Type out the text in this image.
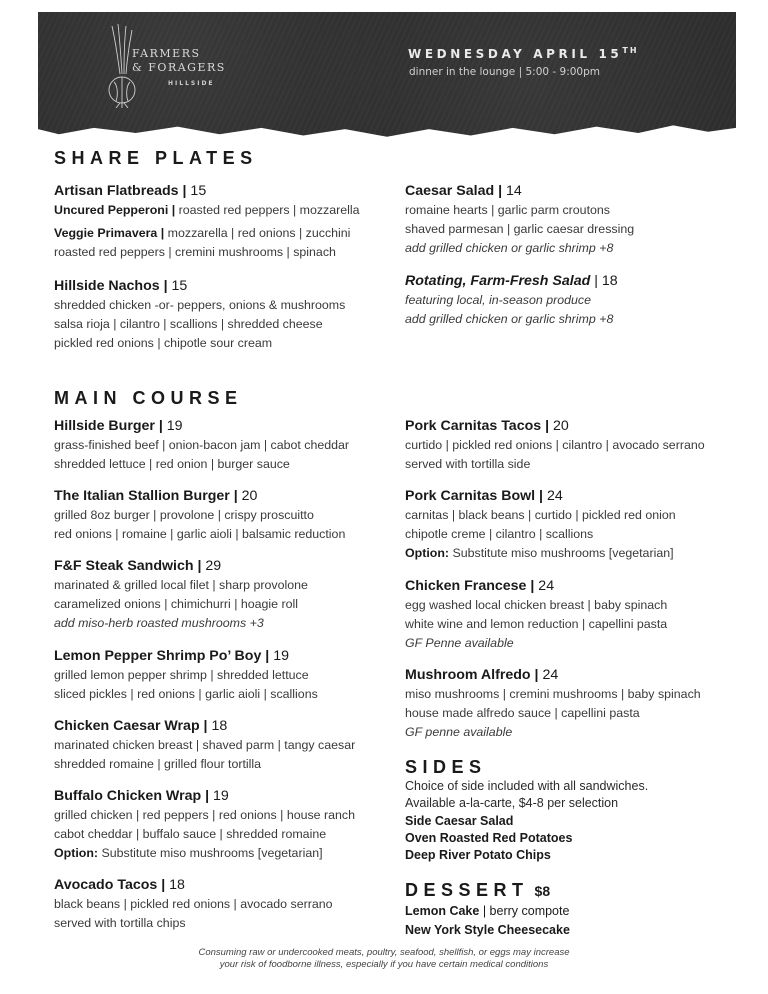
FARMERS
& FORAGERS
HILLSIDE
WEDNESDAY APRIL 15TH
dinner in the lounge | 5:00 - 9:00pm
SHARE PLATES
Artisan Flatbreads | 15
Uncured Pepperoni | roasted red peppers | mozzarella
Veggie Primavera | mozzarella | red onions | zucchini
roasted red peppers | cremini mushrooms | spinach
Hillside Nachos | 15
shredded chicken -or- peppers, onions & mushrooms
salsa rioja | cilantro | scallions | shredded cheese
pickled red onions | chipotle sour cream
Caesar Salad | 14
romaine hearts | garlic parm croutons
shaved parmesan | garlic caesar dressing
add grilled chicken or garlic shrimp +8
Rotating, Farm-Fresh Salad | 18
featuring local, in-season produce
add grilled chicken or garlic shrimp +8
MAIN COURSE
Hillside Burger | 19
grass-finished beef | onion-bacon jam | cabot cheddar
shredded lettuce | red onion | burger sauce
The Italian Stallion Burger | 20
grilled 8oz burger | provolone | crispy proscuitto
red onions | romaine | garlic aioli | balsamic reduction
F&F Steak Sandwich | 29
marinated & grilled local filet | sharp provolone
caramelized onions | chimichurri | hoagie roll
add miso-herb roasted mushrooms +3
Lemon Pepper Shrimp Po’ Boy | 19
grilled lemon pepper shrimp | shredded lettuce
sliced pickles | red onions | garlic aioli | scallions
Chicken Caesar Wrap | 18
marinated chicken breast | shaved parm | tangy caesar
shredded romaine | grilled flour tortilla
Buffalo Chicken Wrap | 19
grilled chicken | red peppers | red onions | house ranch
cabot cheddar | buffalo sauce | shredded romaine
Option: Substitute miso mushrooms [vegetarian]
Avocado Tacos | 18
black beans | pickled red onions | avocado serrano
served with tortilla chips
Pork Carnitas Tacos | 20
curtido | pickled red onions | cilantro | avocado serrano
served with tortilla side
Pork Carnitas Bowl | 24
carnitas | black beans | curtido | pickled red onion
chipotle creme | cilantro | scallions
Option: Substitute miso mushrooms [vegetarian]
Chicken Francese | 24
egg washed local chicken breast | baby spinach
white wine and lemon reduction | capellini pasta
GF Penne available
Mushroom Alfredo | 24
miso mushrooms | cremini mushrooms | baby spinach
house made alfredo sauce | capellini pasta
GF penne available
SIDES
Choice of side included with all sandwiches.
Available a-la-carte, $4-8 per selection
Side Caesar Salad
Oven Roasted Red Potatoes
Deep River Potato Chips
DESSERT $8
Lemon Cake | berry compote
New York Style Cheesecake
Consuming raw or undercooked meats, poultry, seafood, shellfish, or eggs may increase
your risk of foodborne illness, especially if you have certain medical conditions
